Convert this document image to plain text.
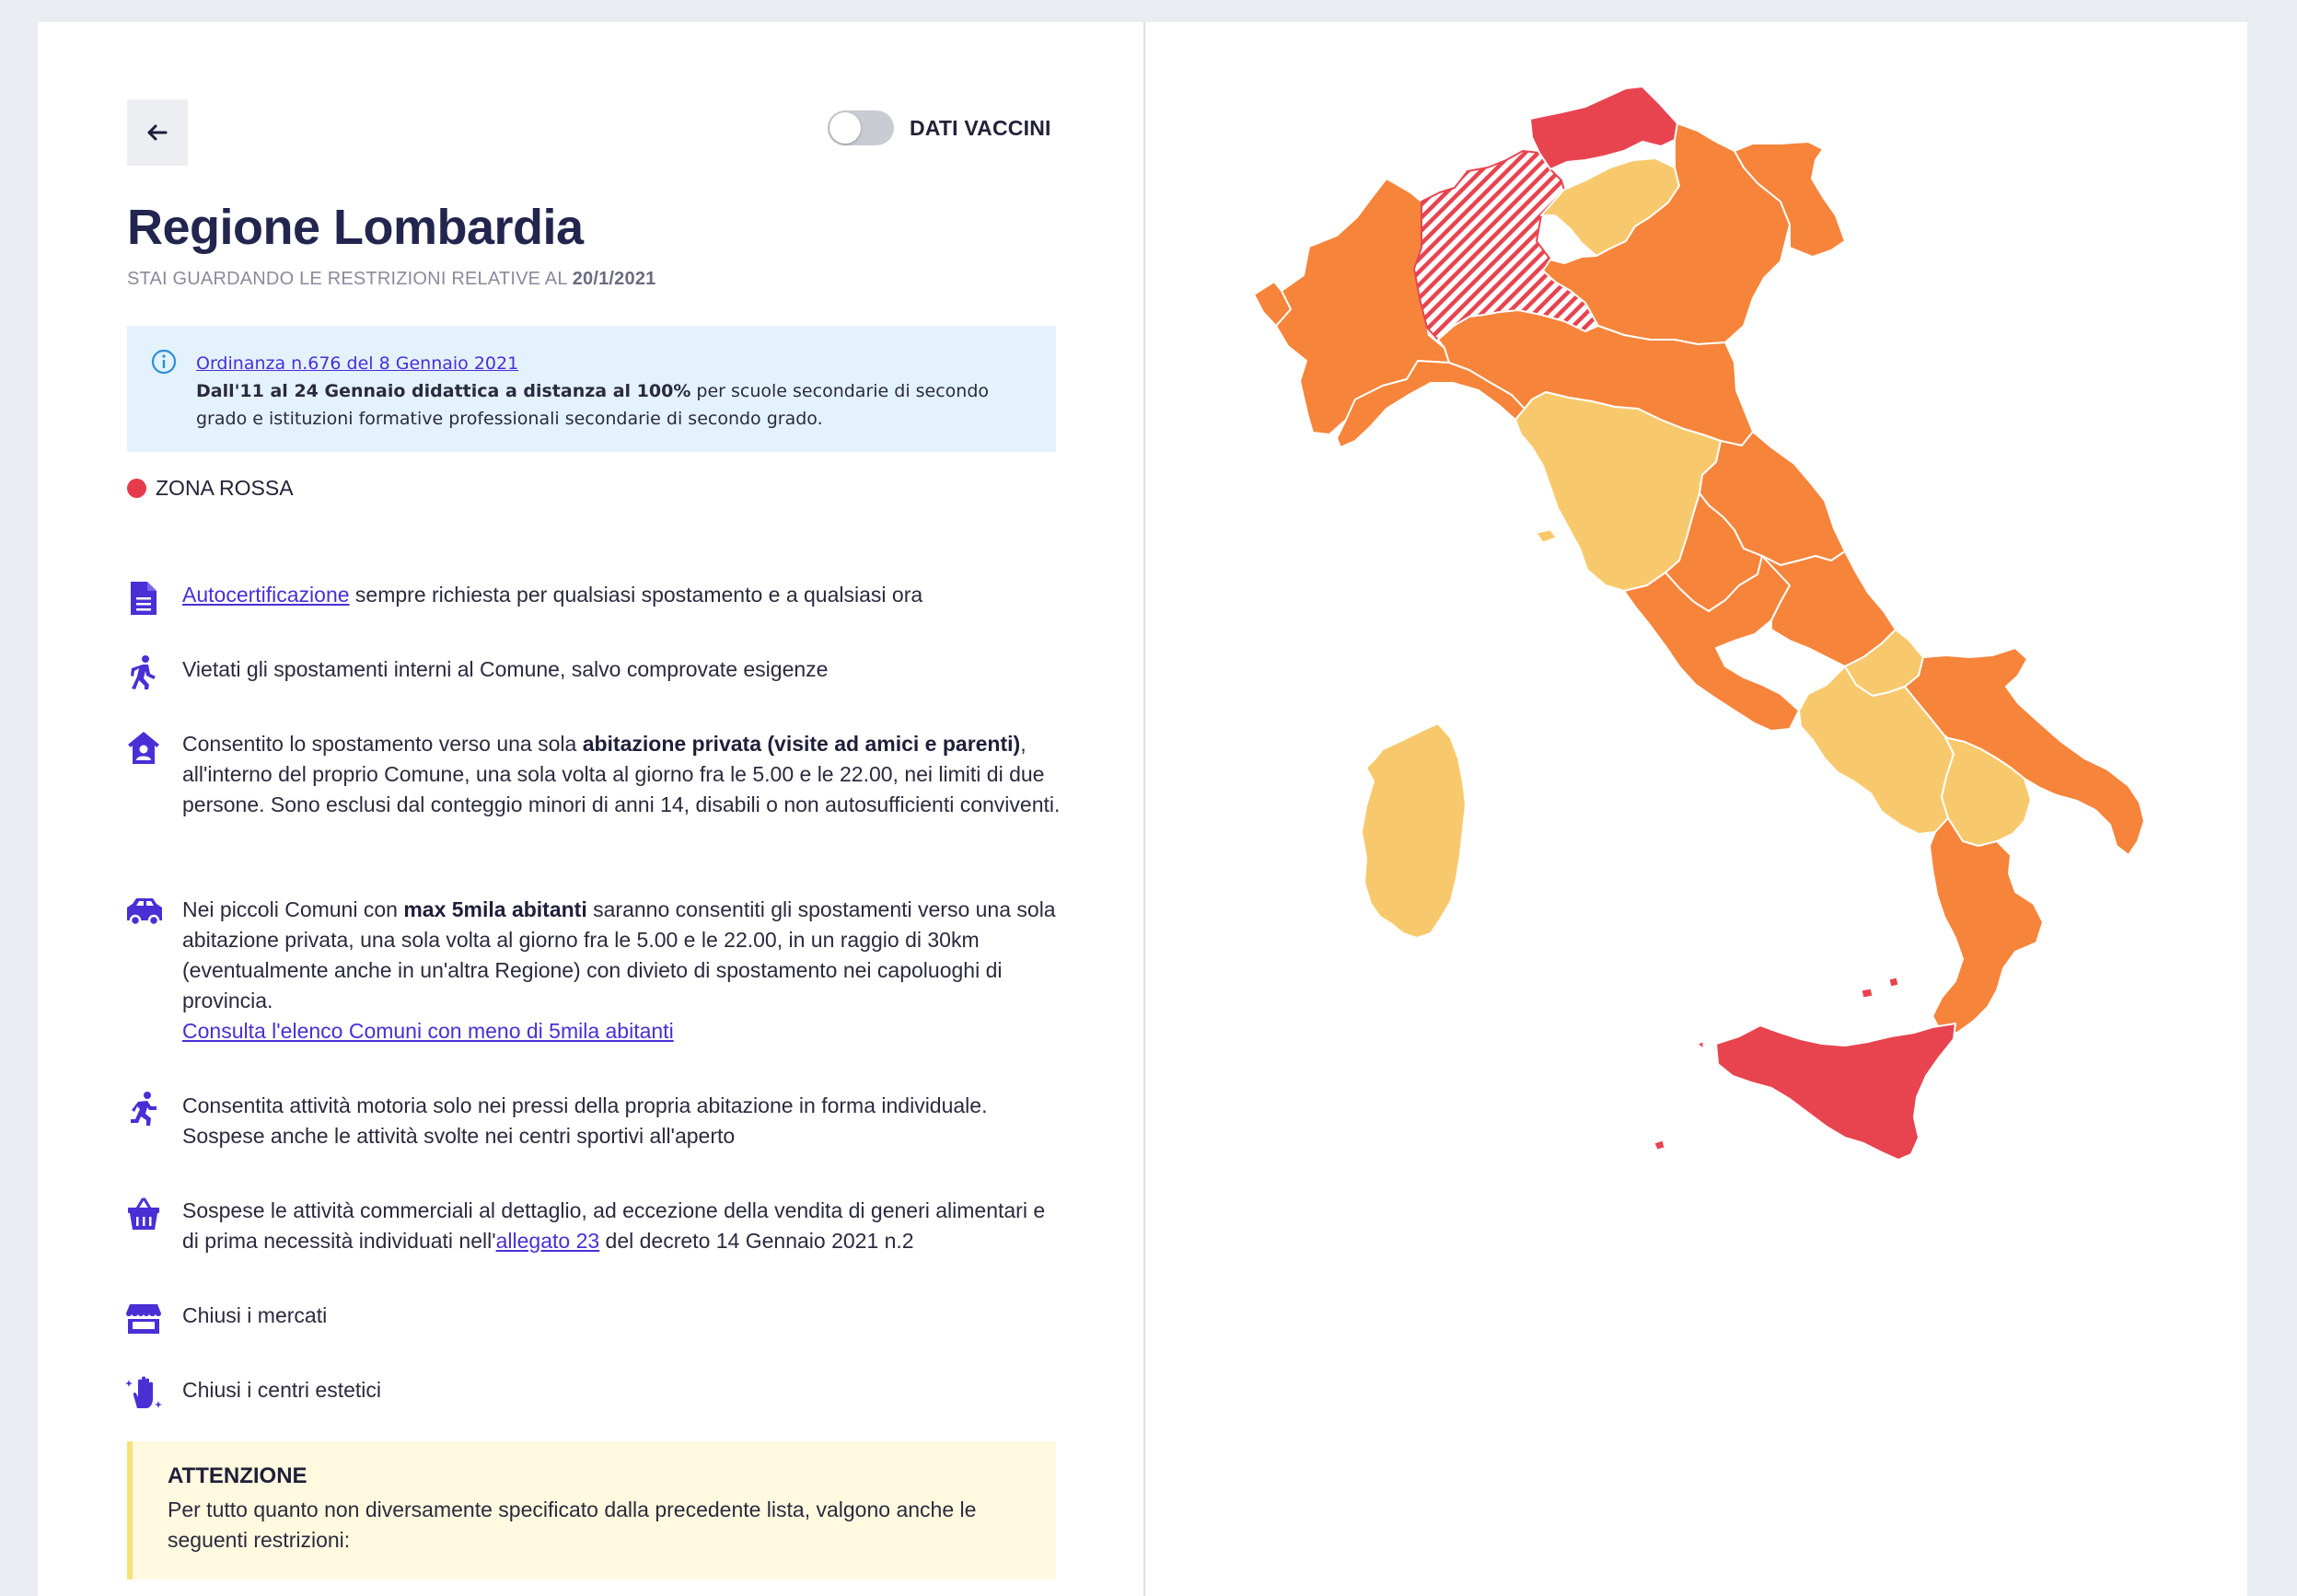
DATI VACCINI
Regione Lombardia
STAI GUARDANDO LE RESTRIZIONI RELATIVE AL 20/1/2021
Ordinanza n.676 del 8 Gennaio 2021
Dall'11 al 24 Gennaio didattica a distanza al 100% per scuole secondarie di secondo grado e istituzioni formative professionali secondarie di secondo grado.
ZONA ROSSA
Autocertificazione sempre richiesta per qualsiasi spostamento e a qualsiasi ora
Vietati gli spostamenti interni al Comune, salvo comprovate esigenze
Consentito lo spostamento verso una sola abitazione privata (visite ad amici e parenti), all'interno del proprio Comune, una sola volta al giorno fra le 5.00 e le 22.00, nei limiti di due persone. Sono esclusi dal conteggio minori di anni 14, disabili o non autosufficienti conviventi.
Nei piccoli Comuni con max 5mila abitanti saranno consentiti gli spostamenti verso una sola abitazione privata, una sola volta al giorno fra le 5.00 e le 22.00, in un raggio di 30km (eventualmente anche in un'altra Regione) con divieto di spostamento nei capoluoghi di provincia.
Consulta l'elenco Comuni con meno di 5mila abitanti
Consentita attività motoria solo nei pressi della propria abitazione in forma individuale. Sospese anche le attività svolte nei centri sportivi all'aperto
Sospese le attività commerciali al dettaglio, ad eccezione della vendita di generi alimentari e di prima necessità individuati nell'allegato 23 del decreto 14 Gennaio 2021 n.2
Chiusi i mercati
Chiusi i centri estetici
ATTENZIONE
Per tutto quanto non diversamente specificato dalla precedente lista, valgono anche le seguenti restrizioni:
